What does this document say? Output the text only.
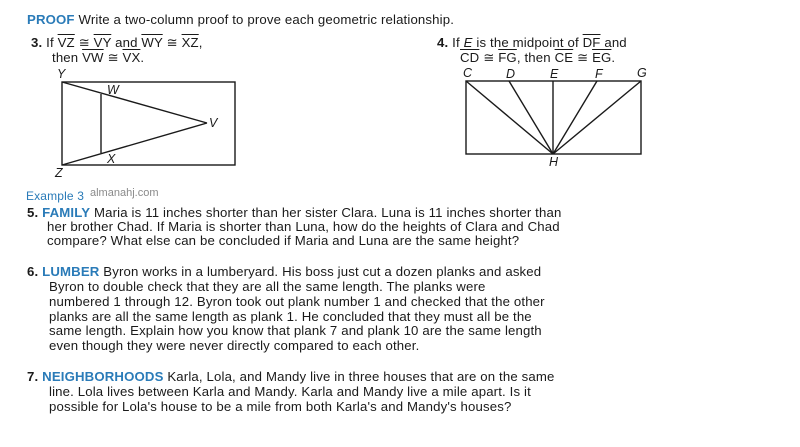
PROOF Write a two-column proof to prove each geometric relationship.
3. If $\overline{VZ}$ ≅ $\overline{VY}$ and $\overline{WY}$ ≅ $\overline{XZ}$,
then $\overline{VW}$ ≅ $\overline{VX}$.
Y
W
V
X
Z
4. If E is the midpoint of $\overline{DF}$ and
$\overline{CD}$ ≅ $\overline{FG}$, then $\overline{CE}$ ≅ $\overline{EG}$.
C	D	E	F	G
H
Example 3 almanahj.com
5. FAMILY Maria is 11 inches shorter than her sister Clara. Luna is 11 inches shorter than
her brother Chad. If Maria is shorter than Luna, how do the heights of Clara and Chad
compare? What else can be concluded if Maria and Luna are the same height?
6. LUMBER Byron works in a lumberyard. His boss just cut a dozen planks and asked
Byron to double check that they are all the same length. The planks were
numbered 1 through 12. Byron took out plank number 1 and checked that the other
planks are all the same length as plank 1. He concluded that they must all be the
same length. Explain how you know that plank 7 and plank 10 are the same length
even though they were never directly compared to each other.
7. NEIGHBORHOODS Karla, Lola, and Mandy live in three houses that are on the same
line. Lola lives between Karla and Mandy. Karla and Mandy live a mile apart. Is it
possible for Lola's house to be a mile from both Karla's and Mandy's houses?
